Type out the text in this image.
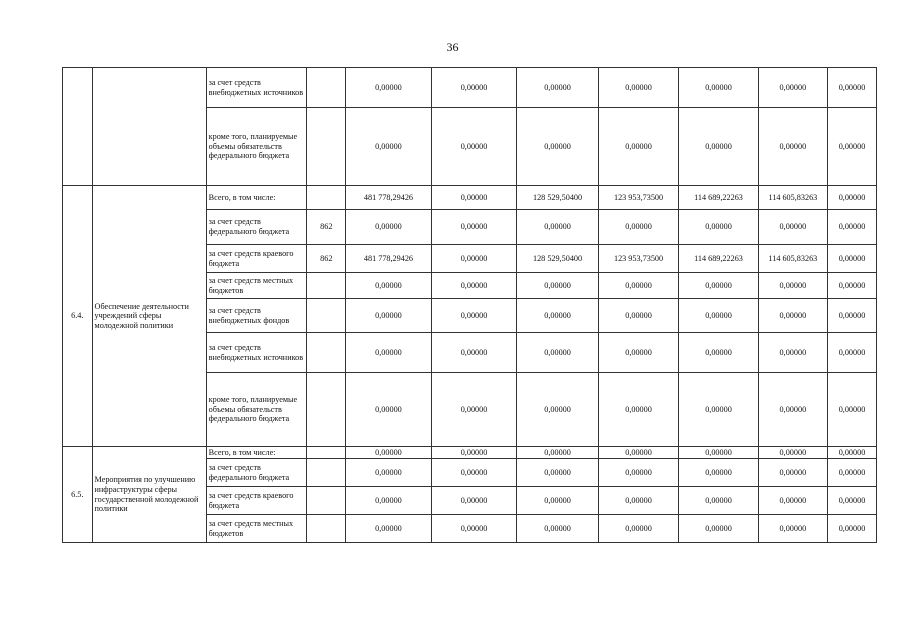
36
		за счет средств внебюджетных источников		0,00000	0,00000	0,00000	0,00000	0,00000	0,00000	0,00000
		кроме того, планируемые объемы обязательств федерального бюджета		0,00000	0,00000	0,00000	0,00000	0,00000	0,00000	0,00000
6.4.	Обеспечение деятельности учреждений сферы молодежной политики	Всего, в том числе:		481 778,29426	0,00000	128 529,50400	123 953,73500	114 689,22263	114 605,83263	0,00000
		за счет средств федерального бюджета	862	0,00000	0,00000	0,00000	0,00000	0,00000	0,00000	0,00000
		за счет средств краевого бюджета	862	481 778,29426	0,00000	128 529,50400	123 953,73500	114 689,22263	114 605,83263	0,00000
		за счет средств местных бюджетов		0,00000	0,00000	0,00000	0,00000	0,00000	0,00000	0,00000
		за счет средств внебюджетных фондов		0,00000	0,00000	0,00000	0,00000	0,00000	0,00000	0,00000
		за счет средств внебюджетных источников		0,00000	0,00000	0,00000	0,00000	0,00000	0,00000	0,00000
		кроме того, планируемые объемы обязательств федерального бюджета		0,00000	0,00000	0,00000	0,00000	0,00000	0,00000	0,00000
6.5.	Мероприятия по улучшению инфраструктуры сферы государственной молодежной политики	Всего, в том числе:		0,00000	0,00000	0,00000	0,00000	0,00000	0,00000	0,00000
		за счет средств федерального бюджета		0,00000	0,00000	0,00000	0,00000	0,00000	0,00000	0,00000
		за счет средств краевого бюджета		0,00000	0,00000	0,00000	0,00000	0,00000	0,00000	0,00000
		за счет средств местных бюджетов		0,00000	0,00000	0,00000	0,00000	0,00000	0,00000	0,00000
